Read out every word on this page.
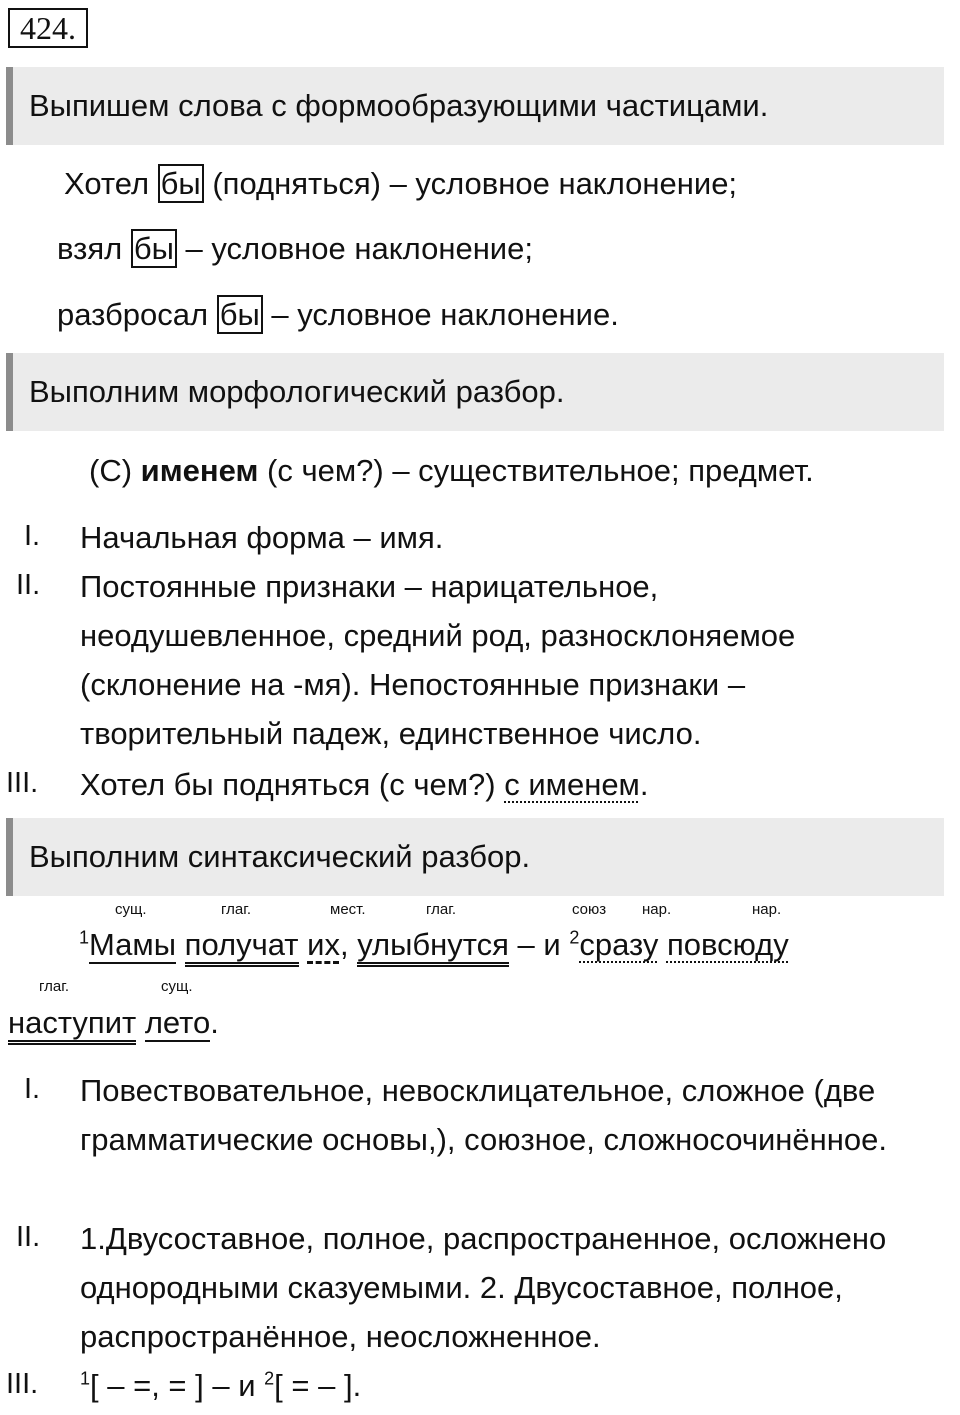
424.
Выпишем слова с формообразующими частицами.
Хотел бы (подняться) – условное наклонение;
взял бы – условное наклонение;
разбросал бы – условное наклонение.
Выполним морфологический разбор.
(С) именем (с чем?) – существительное; предмет.
I. Начальная форма – имя.
II. Постоянные признаки – нарицательное, неодушевленное, средний род, разносклоняемое (склонение на -мя). Непостоянные признаки – творительный падеж, единственное число.
III. Хотел бы подняться (с чем?) с именем.
Выполним синтаксический разбор.
сущ.	глаг.	мест.	глаг.	союз нар.	нар.
$^1$Мамы получат их, улыбнутся – и $^2$сразу повсюду
глаг.	сущ.
наступит лето.
I. Повествовательное, невосклицательное, сложное (две грамматические основы,), союзное, сложносочинённое.
II. 1.Двусоставное, полное, распространенное, осложнено однородными сказуемыми. 2. Двусоставное, полное, распространённое, неосложненное.
III. $^1$[ – =, = ] – и $^2$[ = – ].
